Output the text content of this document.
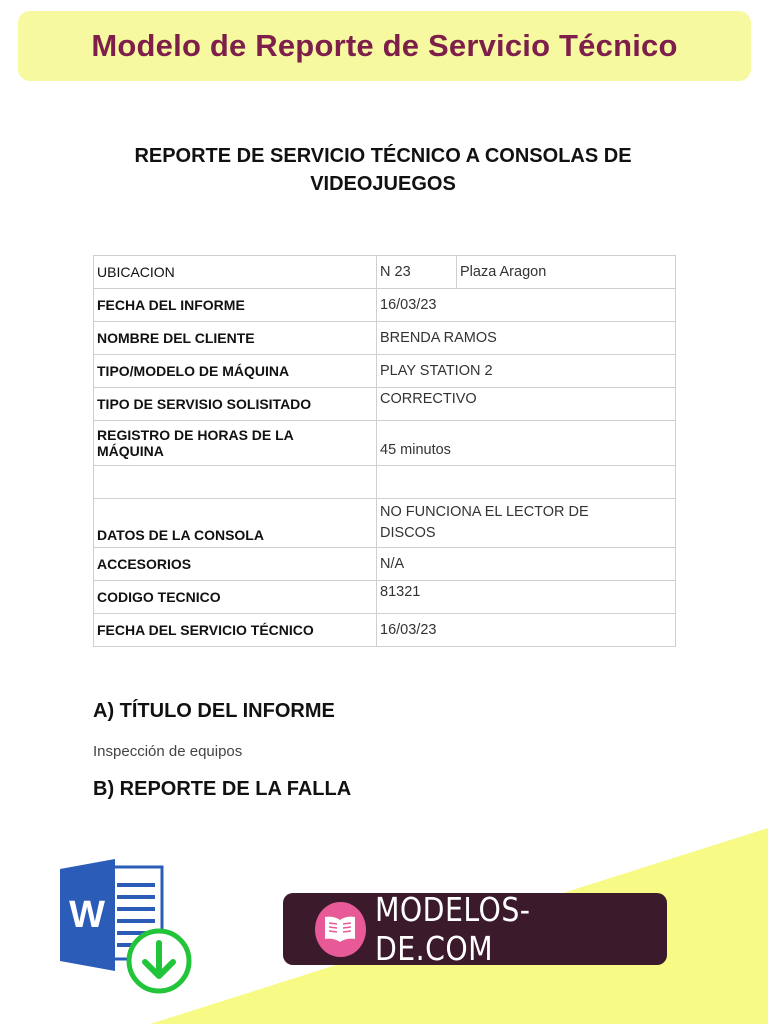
Modelo de Reporte de Servicio Técnico
REPORTE DE SERVICIO TÉCNICO A CONSOLAS DE
VIDEOJUEGOS
UBICACION	N 23	Plaza Aragon
FECHA DEL INFORME	16/03/23	
NOMBRE DEL CLIENTE	BRENDA RAMOS	
TIPO/MODELO DE MÁQUINA	PLAY STATION 2	
TIPO DE SERVISIO SOLISITADO	CORRECTIVO	

REGISTRO DE HORAS DE LA
MÁQUINA	45 minutos	

DATOS DE LA CONSOLA	NO FUNCIONA EL LECTOR DE
DISCOS	

ACCESORIOS	N/A	
CODIGO TECNICO	81321	
FECHA DEL SERVICIO TÉCNICO	16/03/23	
A) TÍTULO DEL INFORME
Inspección de equipos
B) REPORTE DE LA FALLA
W	MODELOS-DE.COM
